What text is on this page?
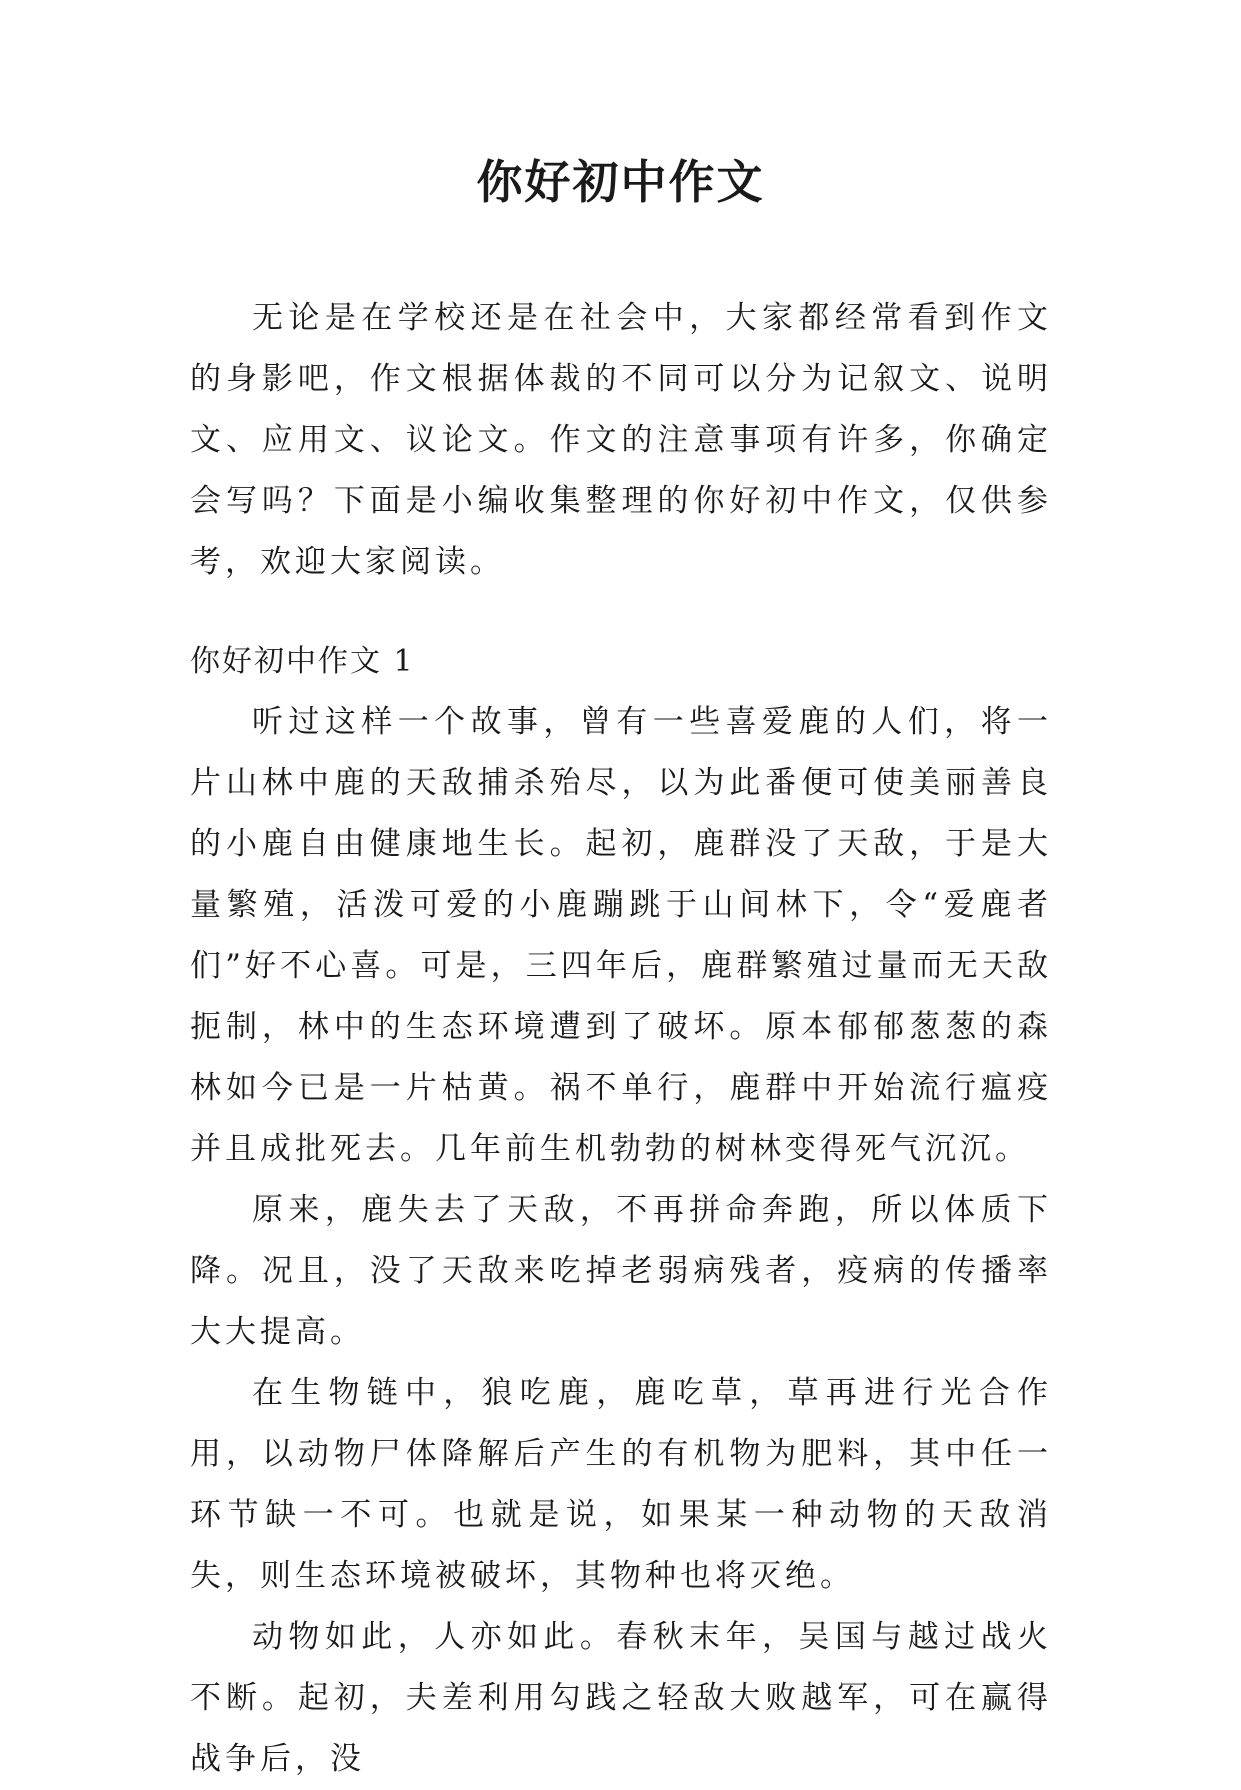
你好初中作文

无论是在学校还是在社会中，大家都经常看到作文的身影吧，作文根据体裁的不同可以分为记叙文、说明文、应用文、议论文。作文的注意事项有许多，你确定会写吗？下面是小编收集整理的你好初中作文，仅供参考，欢迎大家阅读。

你好初中作文 1

听过这样一个故事，曾有一些喜爱鹿的人们，将一片山林中鹿的天敌捕杀殆尽，以为此番便可使美丽善良的小鹿自由健康地生长。起初，鹿群没了天敌，于是大量繁殖，活泼可爱的小鹿蹦跳于山间林下，令“爱鹿者们”好不心喜。可是，三四年后，鹿群繁殖过量而无天敌扼制，林中的生态环境遭到了破坏。原本郁郁葱葱的森林如今已是一片枯黄。祸不单行，鹿群中开始流行瘟疫并且成批死去。几年前生机勃勃的树林变得死气沉沉。

原来，鹿失去了天敌，不再拼命奔跑，所以体质下降。况且，没了天敌来吃掉老弱病残者，疫病的传播率大大提高。

在生物链中，狼吃鹿，鹿吃草，草再进行光合作用，以动物尸体降解后产生的有机物为肥料，其中任一环节缺一不可。也就是说，如果某一种动物的天敌消失，则生态环境被破坏，其物种也将灭绝。

动物如此，人亦如此。春秋末年，吴国与越过战火不断。起初，夫差利用勾践之轻敌大败越军，可在赢得战争后，没
